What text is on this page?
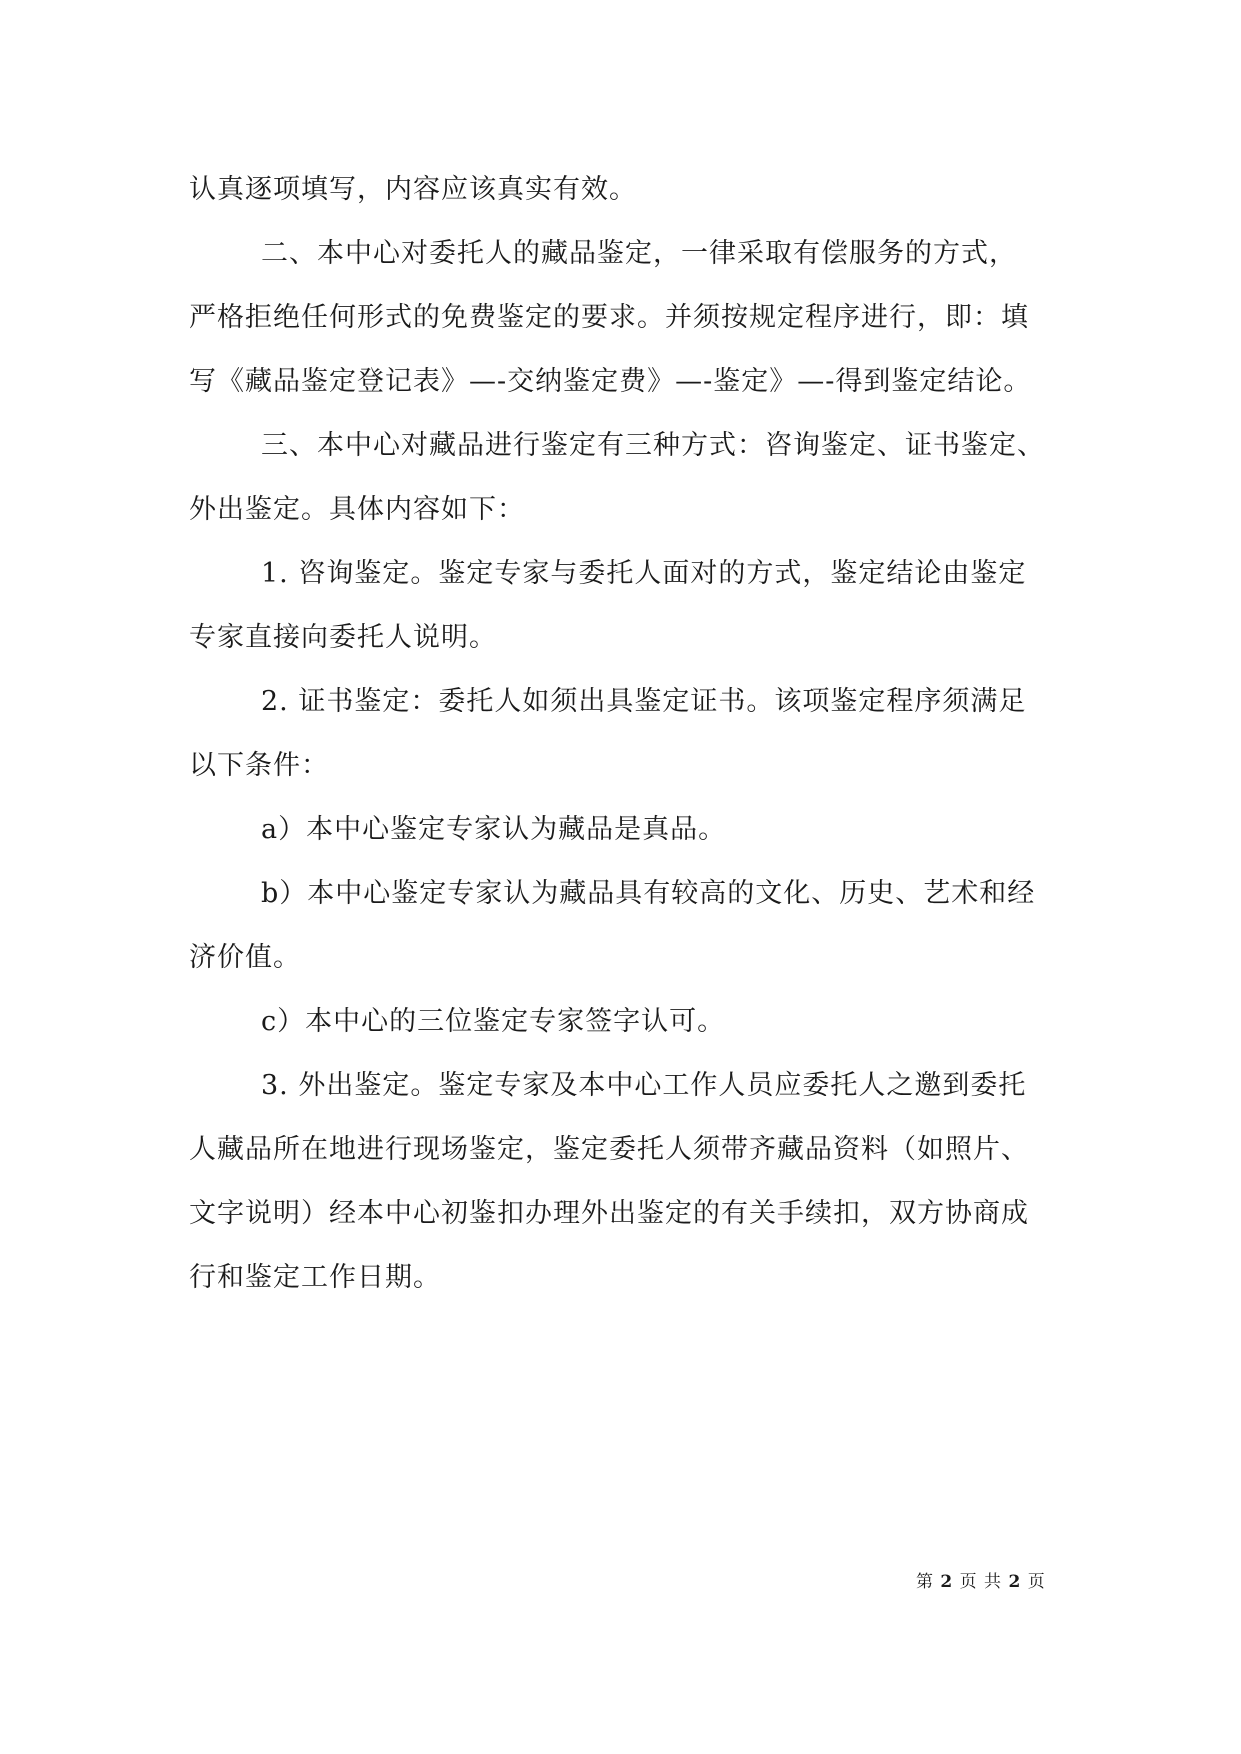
认真逐项填写，内容应该真实有效。

二、本中心对委托人的藏品鉴定，一律采取有偿服务的方式，

严格拒绝任何形式的免费鉴定的要求。并须按规定程序进行，即：填

写《藏品鉴定登记表》—-交纳鉴定费》—-鉴定》—-得到鉴定结论。

三、本中心对藏品进行鉴定有三种方式：咨询鉴定、证书鉴定、

外出鉴定。具体内容如下：

1. 咨询鉴定。鉴定专家与委托人面对的方式，鉴定结论由鉴定

专家直接向委托人说明。

2. 证书鉴定：委托人如须出具鉴定证书。该项鉴定程序须满足

以下条件：

a）本中心鉴定专家认为藏品是真品。

b）本中心鉴定专家认为藏品具有较高的文化、历史、艺术和经

济价值。

c）本中心的三位鉴定专家签字认可。

3. 外出鉴定。鉴定专家及本中心工作人员应委托人之邀到委托

人藏品所在地进行现场鉴定，鉴定委托人须带齐藏品资料（如照片、

文字说明）经本中心初鉴扣办理外出鉴定的有关手续扣，双方协商成

行和鉴定工作日期。

第 2 页 共 2 页
